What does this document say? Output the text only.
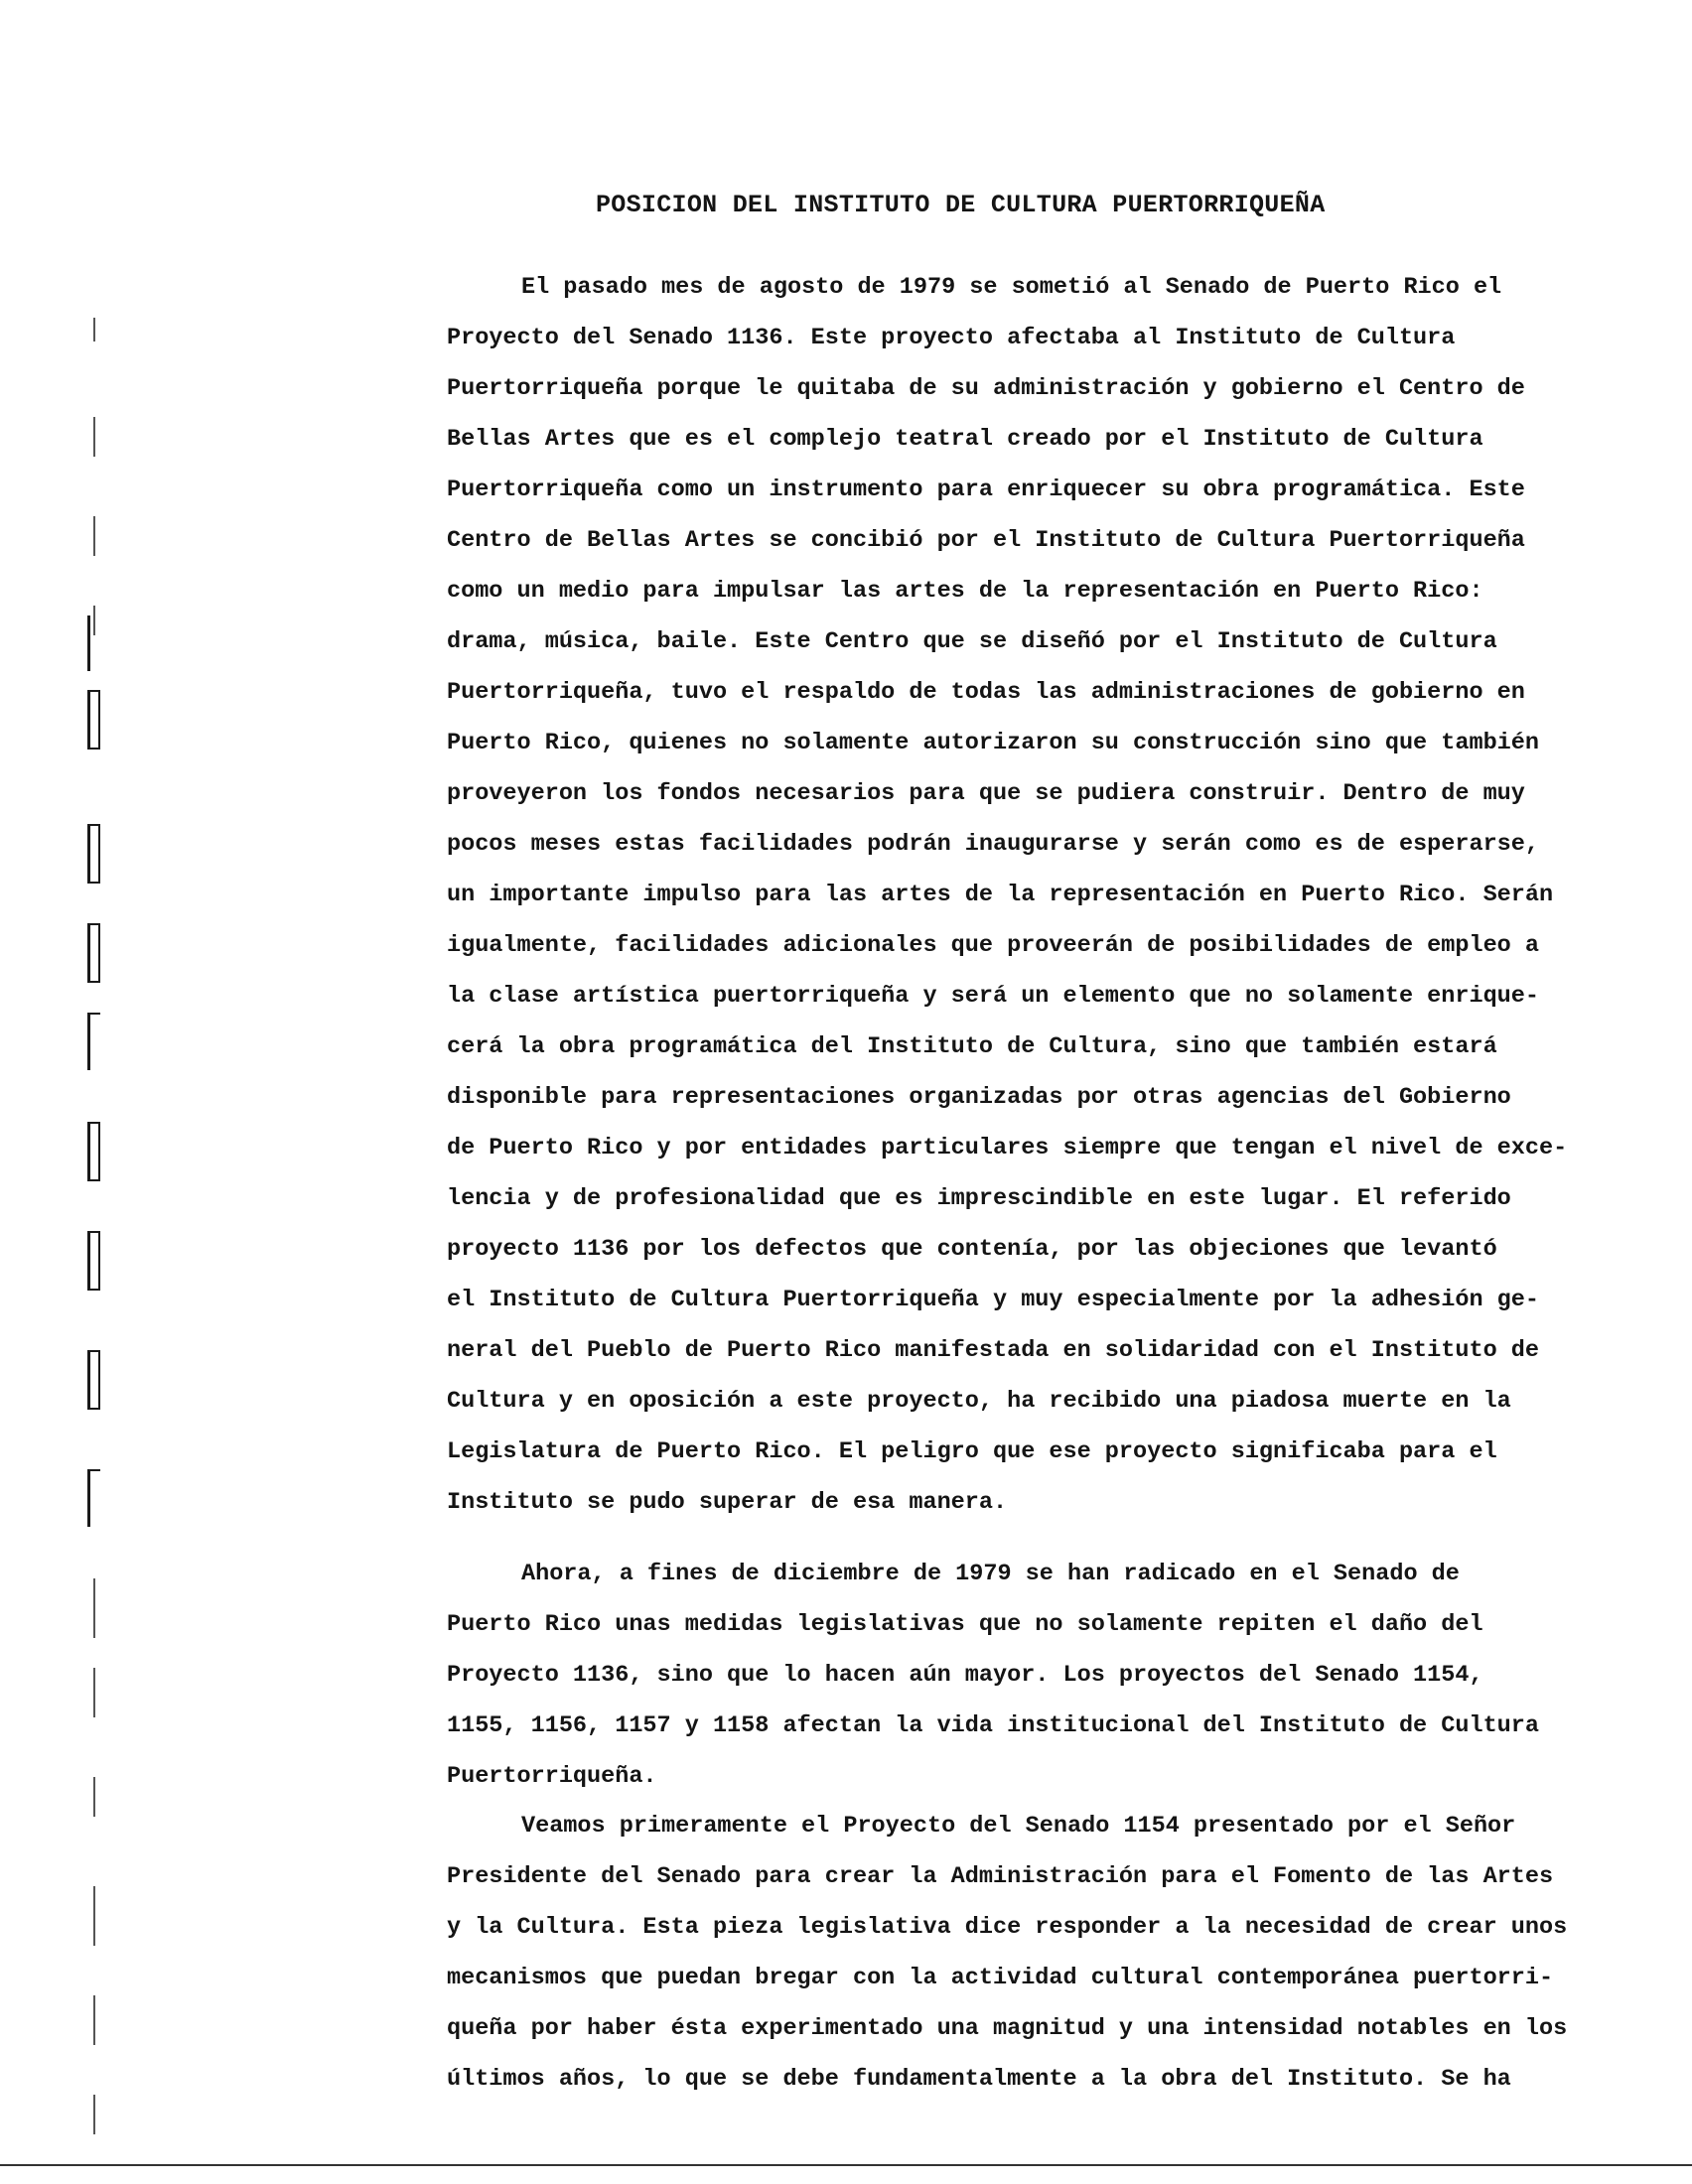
POSICION DEL INSTITUTO DE CULTURA PUERTORRIQUEÑA
El pasado mes de agosto de 1979 se sometió al Senado de Puerto Rico el
Proyecto del Senado 1136. Este proyecto afectaba al Instituto de Cultura
Puertorriqueña porque le quitaba de su administración y gobierno el Centro de
Bellas Artes que es el complejo teatral creado por el Instituto de Cultura
Puertorriqueña como un instrumento para enriquecer su obra programática. Este
Centro de Bellas Artes se concibió por el Instituto de Cultura Puertorriqueña
como un medio para impulsar las artes de la representación en Puerto Rico:
drama, música, baile. Este Centro que se diseñó por el Instituto de Cultura
Puertorriqueña, tuvo el respaldo de todas las administraciones de gobierno en
Puerto Rico, quienes no solamente autorizaron su construcción sino que también
proveyeron los fondos necesarios para que se pudiera construir. Dentro de muy
pocos meses estas facilidades podrán inaugurarse y serán como es de esperarse,
un importante impulso para las artes de la representación en Puerto Rico. Serán
igualmente, facilidades adicionales que proveerán de posibilidades de empleo a
la clase artística puertorriqueña y será un elemento que no solamente enrique-
cerá la obra programática del Instituto de Cultura, sino que también estará
disponible para representaciones organizadas por otras agencias del Gobierno
de Puerto Rico y por entidades particulares siempre que tengan el nivel de exce-
lencia y de profesionalidad que es imprescindible en este lugar. El referido
proyecto 1136 por los defectos que contenía, por las objeciones que levantó
el Instituto de Cultura Puertorriqueña y muy especialmente por la adhesión ge-
neral del Pueblo de Puerto Rico manifestada en solidaridad con el Instituto de
Cultura y en oposición a este proyecto, ha recibido una piadosa muerte en la
Legislatura de Puerto Rico. El peligro que ese proyecto significaba para el
Instituto se pudo superar de esa manera.
Ahora, a fines de diciembre de 1979 se han radicado en el Senado de
Puerto Rico unas medidas legislativas que no solamente repiten el daño del
Proyecto 1136, sino que lo hacen aún mayor. Los proyectos del Senado 1154,
1155, 1156, 1157 y 1158 afectan la vida institucional del Instituto de Cultura
Puertorriqueña.
Veamos primeramente el Proyecto del Senado 1154 presentado por el Señor
Presidente del Senado para crear la Administración para el Fomento de las Artes
y la Cultura. Esta pieza legislativa dice responder a la necesidad de crear unos
mecanismos que puedan bregar con la actividad cultural contemporánea puertorri-
queña por haber ésta experimentado una magnitud y una intensidad notables en los
últimos años, lo que se debe fundamentalmente a la obra del Instituto. Se ha
